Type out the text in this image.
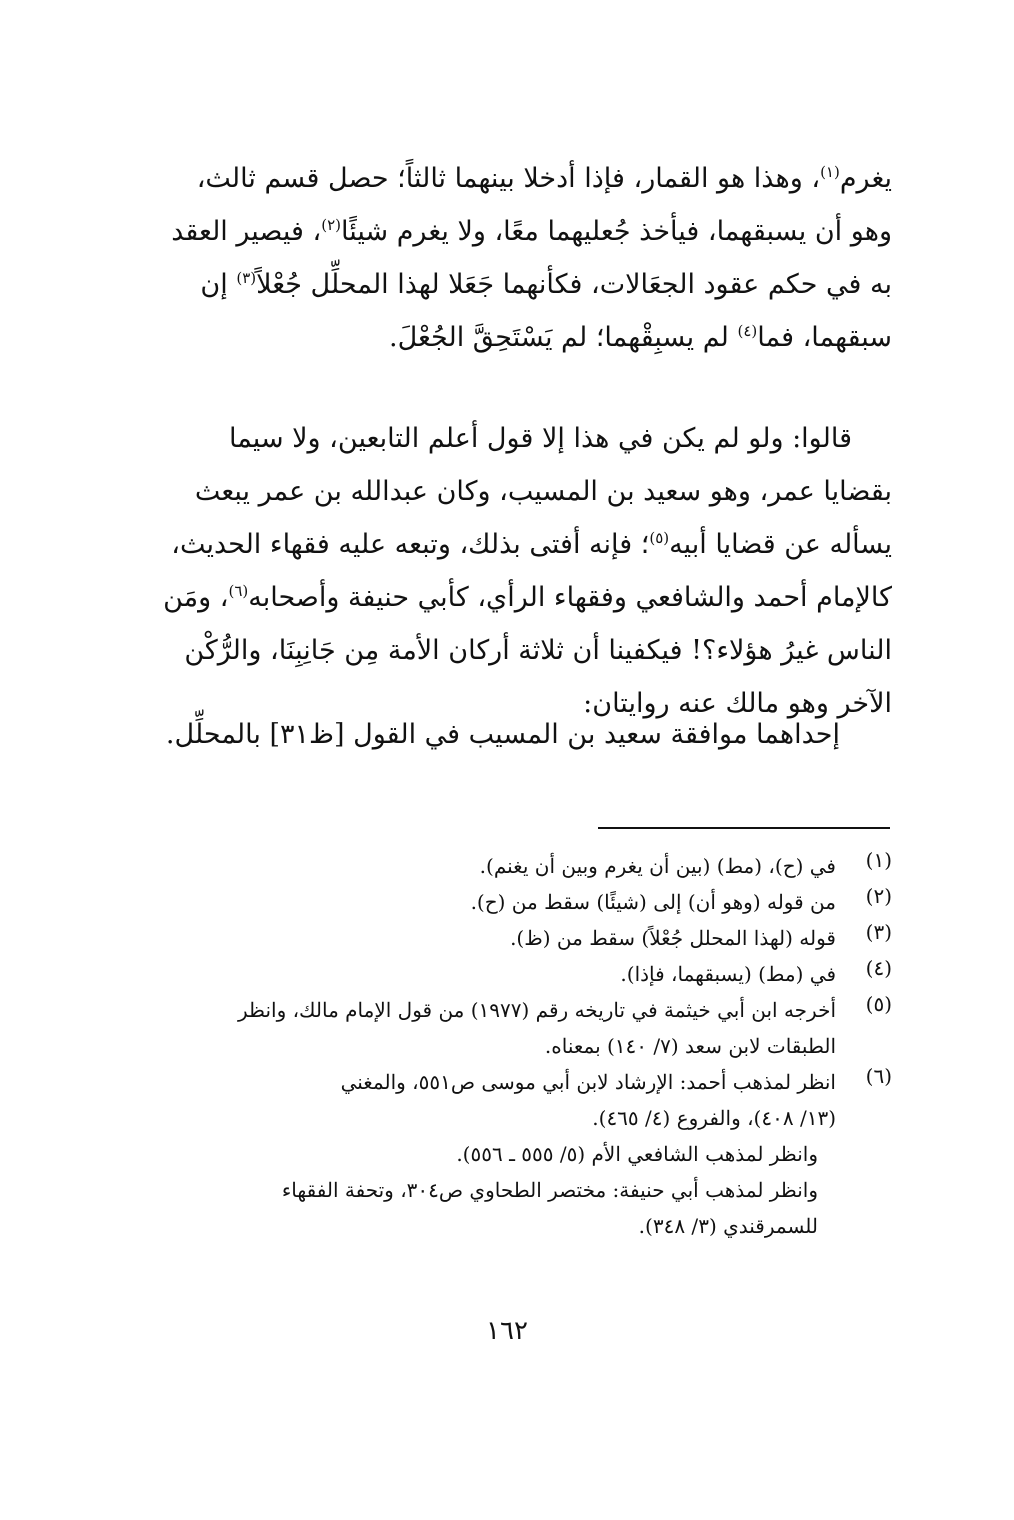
يغرم$^{(١)}$، وهذا هو القمار، فإذا أدخلا بينهما ثالثاً؛ حصل قسم ثالث،
وهو أن يسبقهما، فيأخذ جُعليهما معًا، ولا يغرم شيئًا$^{(٢)}$، فيصير العقد
به في حكم عقود الجعَالات، فكأنهما جَعَلا لهذا المحلِّل جُعْلاً$^{(٣)}$ إن
سبقهما، فما$^{(٤)}$ لم يسبِقْهما؛ لم يَسْتَحِقَّ الجُعْلَ.
قالوا: ولو لم يكن في هذا إلا قول أعلم التابعين، ولا سيما
بقضايا عمر، وهو سعيد بن المسيب، وكان عبدالله بن عمر يبعث
يسأله عن قضايا أبيه$^{(٥)}$؛ فإنه أفتى بذلك، وتبعه عليه فقهاء الحديث،
كالإمام أحمد والشافعي وفقهاء الرأي، كأبي حنيفة وأصحابه$^{(٦)}$، ومَن
الناس غيرُ هؤلاء؟! فيكفينا أن ثلاثة أركان الأمة مِن جَانِبِنَا، والرُّكْن
الآخر وهو مالك عنه روايتان:
إحداهما موافقة سعيد بن المسيب في القول [ظ٣١] بالمحلِّل.
(١)
في (ح)، (مط) (بين أن يغرم وبين أن يغنم).
(٢)
من قوله (وهو أن) إلى (شيئًا) سقط من (ح).
(٣)
قوله (لهذا المحلل جُعْلاً) سقط من (ظ).
(٤)
في (مط) (يسبقهما، فإذا).
(٥)
أخرجه ابن أبي خيثمة في تاريخه رقم (١٩٧٧) من قول الإمام مالك، وانظر
الطبقات لابن سعد (٧/ ١٤٠) بمعناه.
(٦)
انظر لمذهب أحمد: الإرشاد لابن أبي موسى ص٥٥١، والمغني
(١٣/ ٤٠٨)، والفروع (٤/ ٤٦٥).
وانظر لمذهب الشافعي الأم (٥/ ٥٥٥ ـ ٥٥٦).
وانظر لمذهب أبي حنيفة: مختصر الطحاوي ص٣٠٤، وتحفة الفقهاء
للسمرقندي (٣/ ٣٤٨).
١٦٢
